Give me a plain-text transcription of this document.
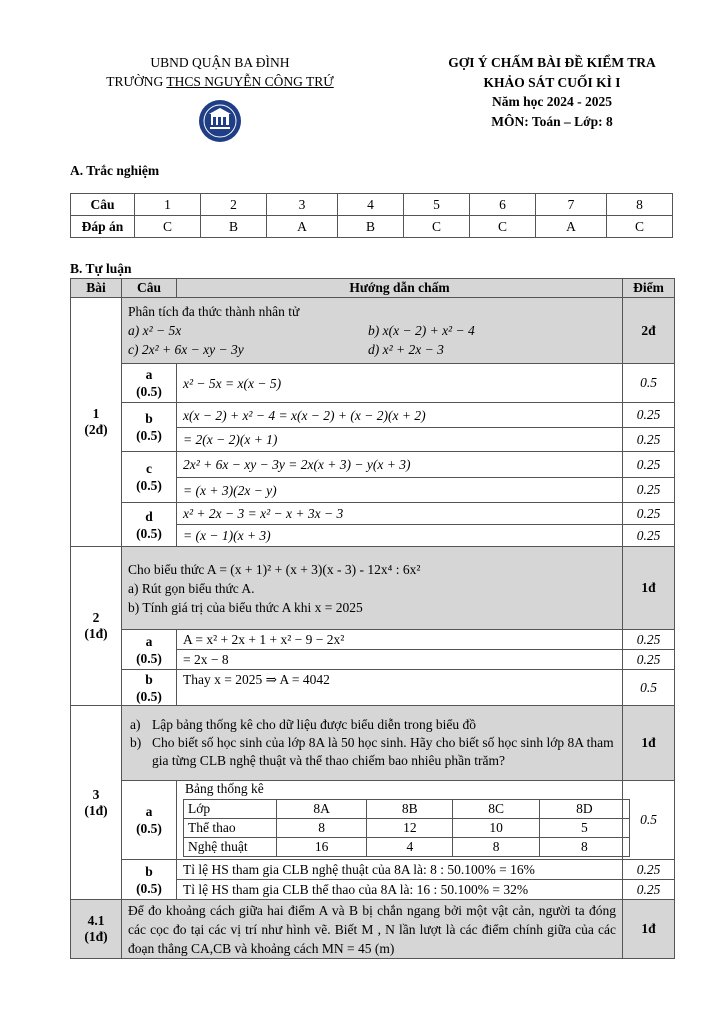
UBND QUẬN BA ĐÌNH
TRƯỜNG THCS NGUYỄN CÔNG TRỨ
GỢI Ý CHẤM BÀI ĐỀ KIỂM TRA
KHẢO SÁT CUỐI KÌ I
Năm học 2024 - 2025
MÔN: Toán – Lớp: 8
A. Trắc nghiệm
Câu	1	2	3	4	5	6	7	8
Đáp án	C	B	A	B	C	C	A	C
B. Tự luận
Bài	Câu	Hướng dẫn chấm	Điểm

1
(2đ)

Phân tích đa thức thành nhân tử
a) x² − 5x	b) x(x − 2) + x² − 4
c) 2x² + 6x − xy − 3y	d) x² + 2x − 3
	2đ

a
(0.5)
	x² − 5x = x(x − 5)	0.5

b
(0.5)
	x(x − 2) + x² − 4 = x(x − 2) + (x − 2)(x + 2)	0.25
= 2(x − 2)(x + 1)	0.25

c
(0.5)
	2x² + 6x − xy − 3y = 2x(x + 3) − y(x + 3)	0.25
= (x + 3)(2x − y)	0.25

d
(0.5)
	x² + 2x − 3 = x² − x + 3x − 3	0.25
= (x − 1)(x + 3)	0.25

2
(1đ)

Cho biểu thức A = (x + 1)² + (x + 3)(x - 3) - 12x⁴ : 6x²
a) Rút gọn biểu thức A.
b) Tính giá trị của biểu thức A khi x = 2025
	1đ

a
(0.5)
	A = x² + 2x + 1 + x² − 9 − 2x²	0.25
= 2x − 8	0.25

b
(0.5)
	Thay x = 2025 ⇒ A = 4042	0.5

3
(1đ)

a) Lập bảng thống kê cho dữ liệu được biểu diễn trong biểu đồ
b) Cho biết số học sinh của lớp 8A là 50 học sinh. Hãy cho biết số học sinh lớp 8A tham gia từng CLB nghệ thuật và thể thao chiếm bao nhiêu phần trăm?
	1đ

a
(0.5)

Bảng thống kê
Lớp	8A	8B	8C	8D
Thể thao	8	12	10	5
Nghệ thuật	16	4	8	8
	0.5

b
(0.5)
	Tỉ lệ HS tham gia CLB nghệ thuật của 8A là: 8 : 50.100% = 16%	0.25
Tỉ lệ HS tham gia CLB thể thao của 8A là: 16 : 50.100% = 32%	0.25

4.1
(1đ)
	Để đo khoảng cách giữa hai điểm A và B bị chắn ngang bởi một vật cản, người ta đóng các cọc đo tại các vị trí như hình vẽ. Biết M , N lần lượt là các điểm chính giữa của các đoạn thẳng CA,CB và khoảng cách MN = 45 (m)	1đ
